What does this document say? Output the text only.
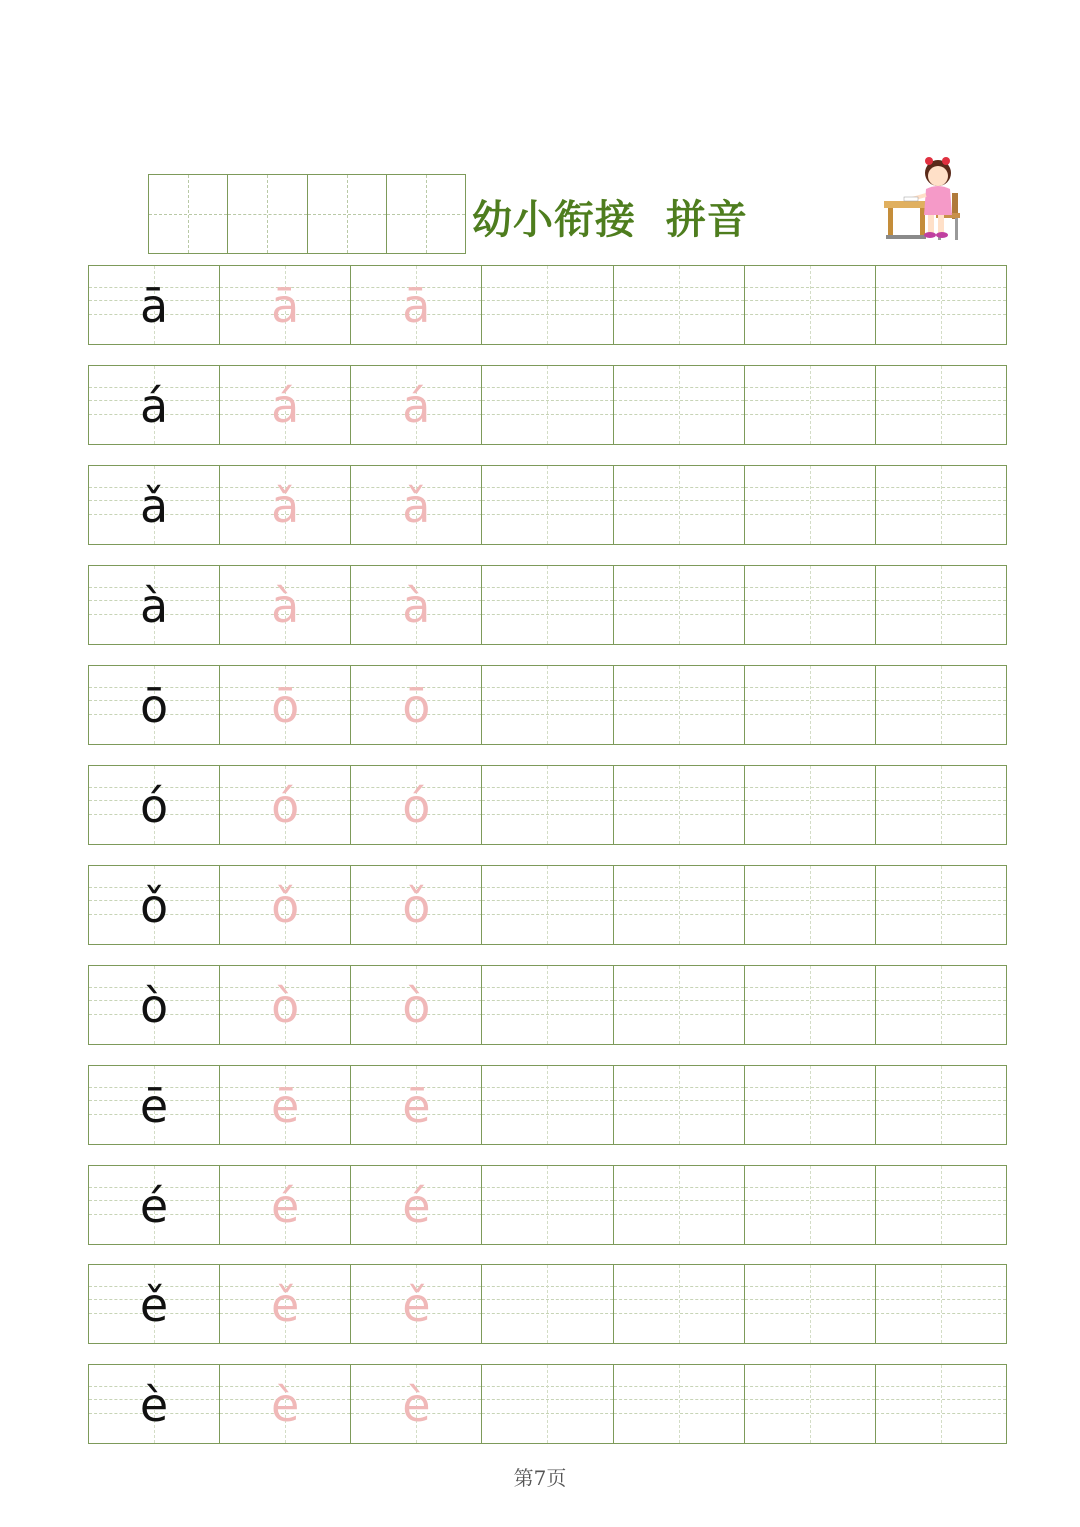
幼小衔接  拼音
ā	ā	ā
á	á	á
ǎ	ǎ	ǎ
à	à	à
ō	ō	ō
ó	ó	ó
ǒ	ǒ	ǒ
ò	ò	ò
ē	ē	ē
é	é	é
ě	ě	ě
è	è	è
第7页
